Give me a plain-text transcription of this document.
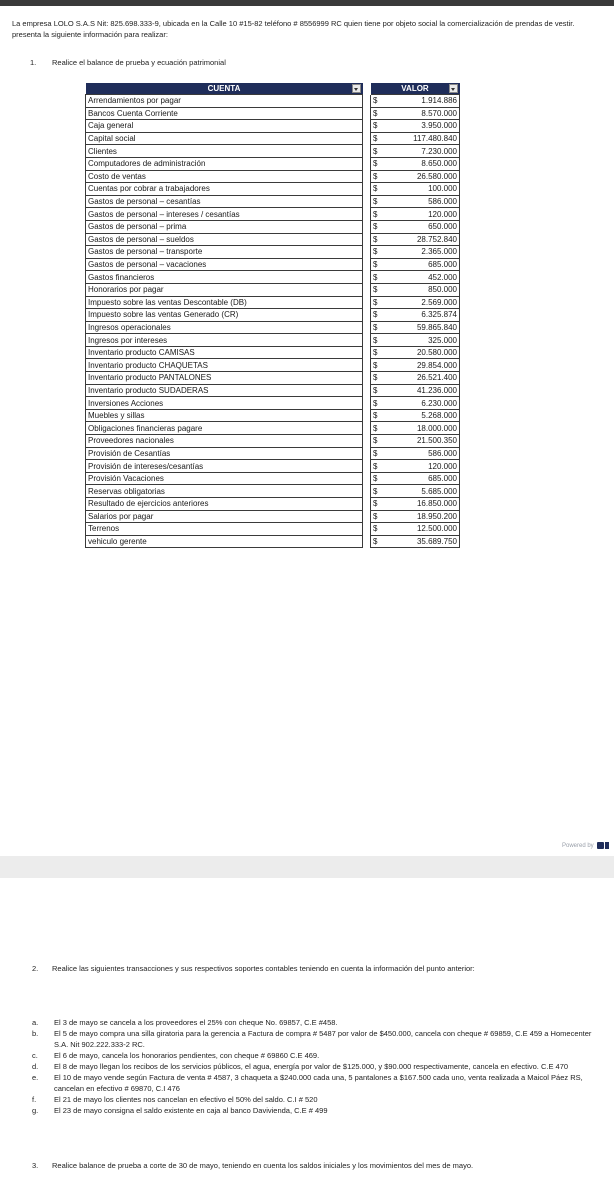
La empresa LOLO S.A.S Nit: 825.698.333-9, ubicada en la Calle 10 #15-82 teléfono # 8556999 RC quien tiene por objeto social la comercialización de prendas de vestir. presenta la siguiente información para realizar:
1. Realice el balance de prueba y ecuación patrimonial
CUENTA		VALOR	

Arrendamientos por pagar		$	1.914.886
Bancos Cuenta Corriente		$	8.570.000
Caja general		$	3.950.000
Capital social		$	117.480.840
Clientes		$	7.230.000
Computadores de administración		$	8.650.000
Costo de ventas		$	26.580.000
Cuentas por cobrar a trabajadores		$	100.000
Gastos de personal – cesantías		$	586.000
Gastos de personal – intereses / cesantías		$	120.000
Gastos de personal – prima		$	650.000
Gastos de personal – sueldos		$	28.752.840
Gastos de personal – transporte		$	2.365.000
Gastos de personal – vacaciones		$	685.000
Gastos financieros		$	452.000
Honorarios por pagar		$	850.000
Impuesto sobre las ventas Descontable (DB)		$	2.569.000
Impuesto sobre las ventas Generado (CR)		$	6.325.874
Ingresos operacionales		$	59.865.840
Ingresos por intereses		$	325.000
Inventario producto CAMISAS		$	20.580.000
Inventario producto CHAQUETAS		$	29.854.000
Inventario producto PANTALONES		$	26.521.400
Inventario producto SUDADERAS		$	41.236.000
Inversiones Acciones		$	6.230.000
Muebles y sillas		$	5.268.000
Obligaciones financieras pagare		$	18.000.000
Proveedores nacionales		$	21.500.350
Provisión de Cesantías		$	586.000
Provisión de intereses/cesantías		$	120.000
Provisión Vacaciones		$	685.000
Reservas obligatorias		$	5.685.000
Resultado de ejercicios anteriores		$	16.850.000
Salarios por pagar		$	18.950.200
Terrenos		$	12.500.000
vehiculo gerente		$	35.689.750
Powered by
2. Realice las siguientes transacciones y sus respectivos soportes contables teniendo en cuenta la información del punto anterior:
a. El 3 de mayo se cancela a los proveedores el 25% con cheque No. 69857, C.E #458.
b. El 5 de mayo compra una silla giratoria para la gerencia a Factura de compra # 5487 por valor de $450.000, cancela con cheque # 69859, C.E 459 a Homecenter S.A. Nit 902.222.333-2 RC.
c. El 6 de mayo, cancela los honorarios pendientes, con cheque # 69860 C.E 469.
d. El 8 de mayo llegan los recibos de los servicios públicos, el agua, energía por valor de $125.000, y $90.000 respectivamente, cancela en efectivo. C.E 470
e. El 10 de mayo vende según Factura de venta # 4587, 3 chaqueta a $240.000 cada una, 5 pantalones a $167.500 cada uno, venta realizada a Maicol Páez RS, cancelan en efectivo # 69870, C.I 476
f. El 21 de mayo los clientes nos cancelan en efectivo el 50% del saldo. C.I # 520
g. El 23 de mayo consigna el saldo existente en caja al banco Davivienda, C.E # 499
3. Realice balance de prueba a corte de 30 de mayo, teniendo en cuenta los saldos iniciales y los movimientos del mes de mayo.
